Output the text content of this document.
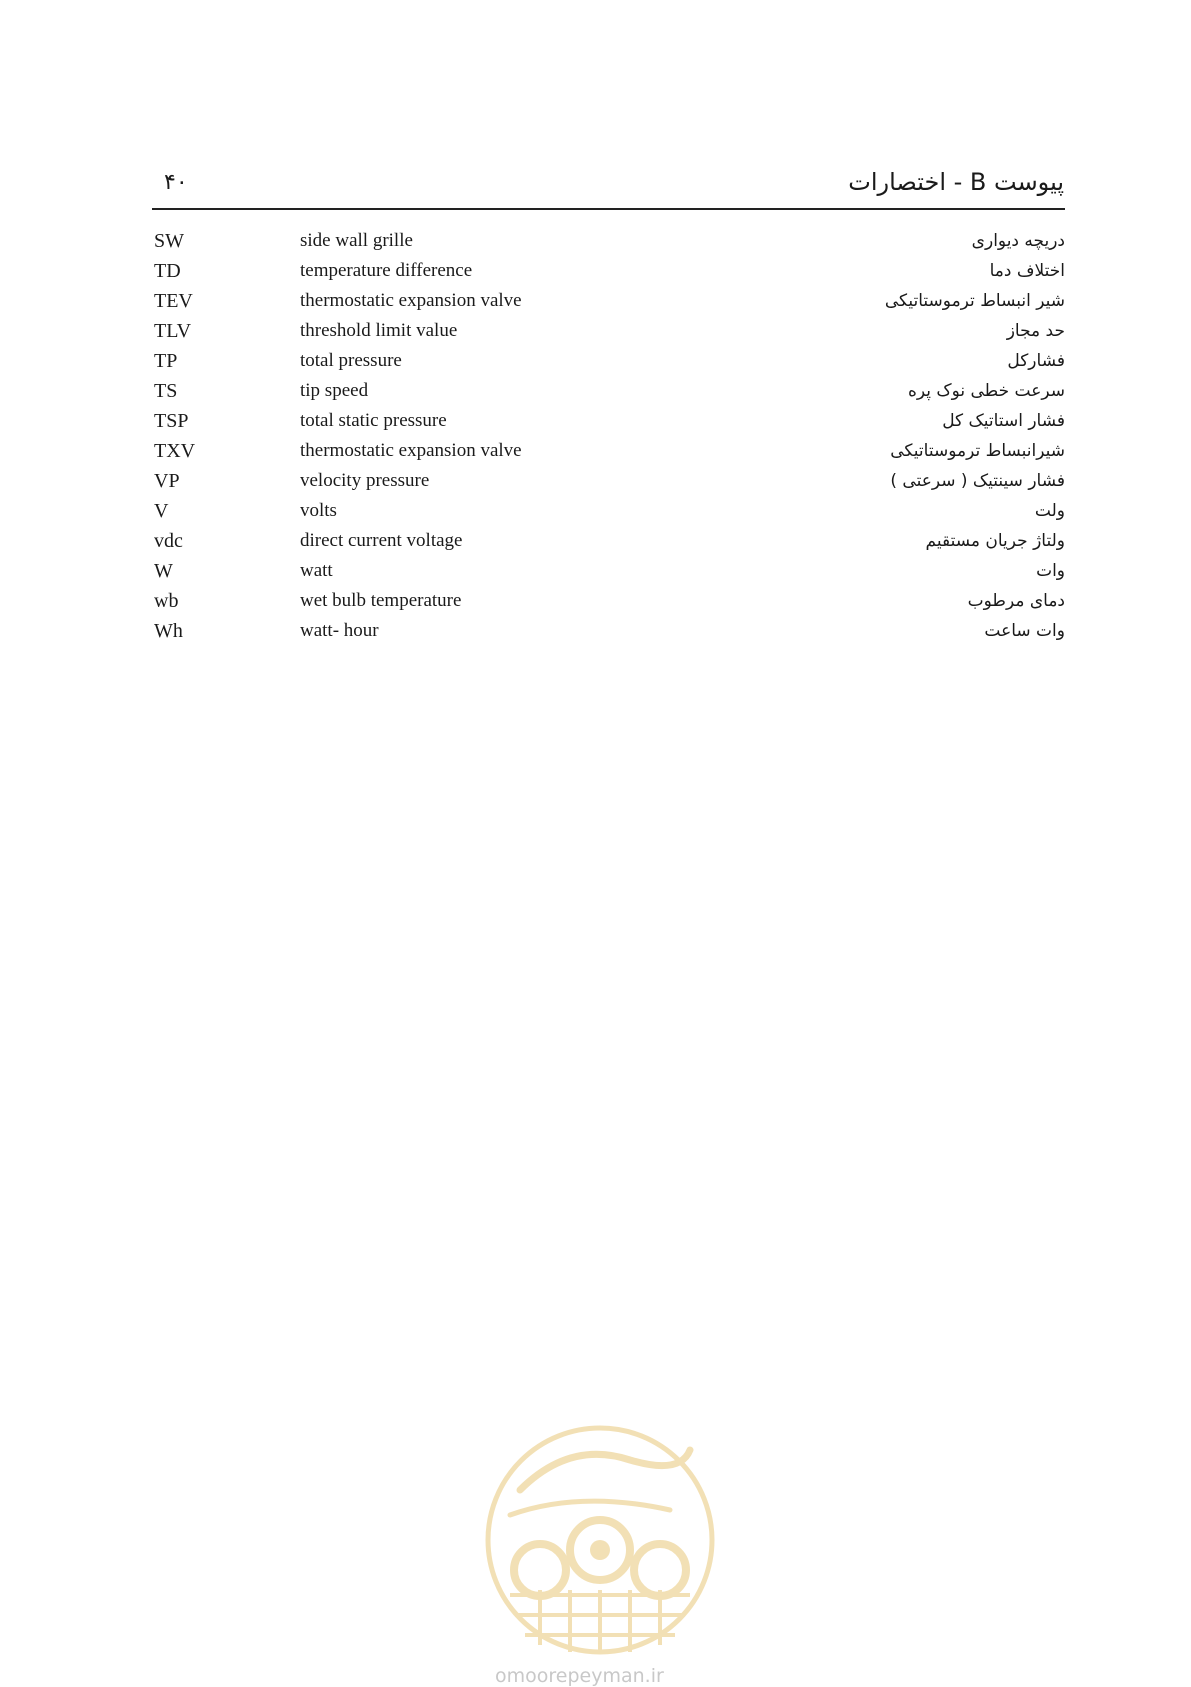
۴۰	پیوست B - اختصارات
SW	side wall grille	دریچه دیواری
TD	temperature difference	اختلاف دما
TEV	thermostatic expansion valve	شیر انبساط ترموستاتیکی
TLV	threshold limit value	حد مجاز
TP	total pressure	فشارکل
TS	tip speed	سرعت خطی نوک پره
TSP	total static pressure	فشار استاتیک کل
TXV	thermostatic expansion valve	شیرانبساط ترموستاتیکی
VP	velocity pressure	فشار سینتیک ( سرعتی )
V	volts	ولت
vdc	direct current voltage	ولتاژ جریان مستقیم
W	watt	وات
wb	wet bulb temperature	دمای مرطوب
Wh	watt- hour	وات ساعت
omoorepeyman.ir
